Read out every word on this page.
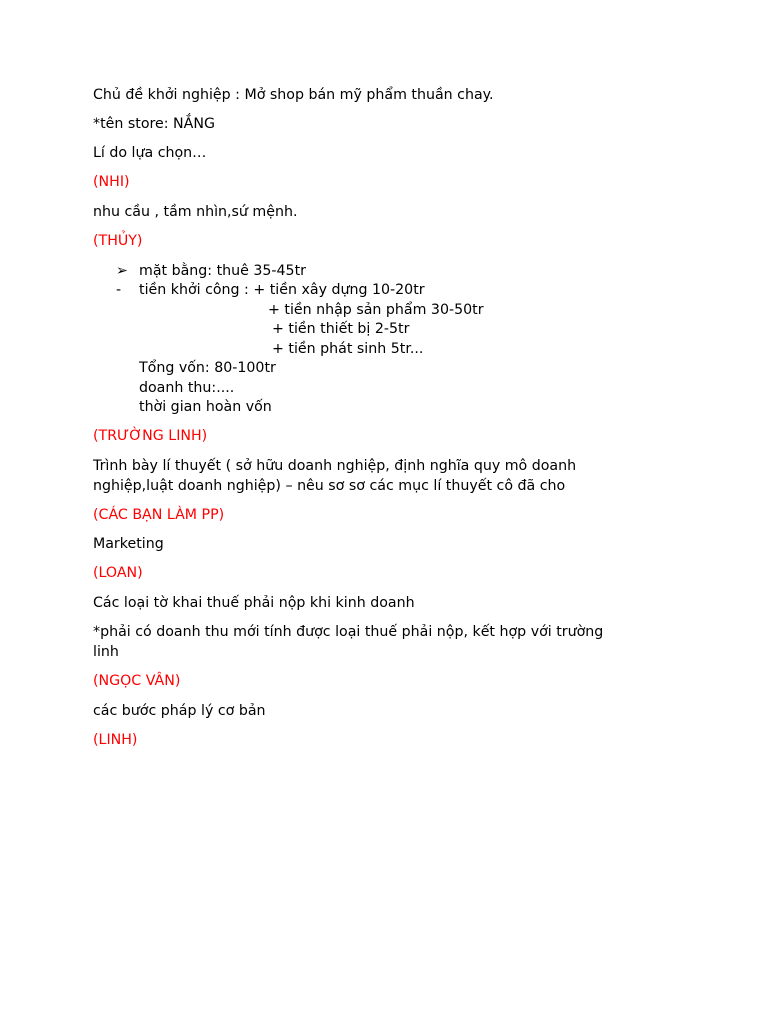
Chủ đề khởi nghiệp : Mở shop bán mỹ phẩm thuần chay.
*tên store: NẮNG
Lí do lựa chọn…
(NHI)
nhu cầu , tầm nhìn,sứ mệnh.
(THỦY)
➢ mặt bằng: thuê 35-45tr
- tiền khởi công : + tiền xây dựng 10-20tr
+ tiền nhập sản phẩm 30-50tr
+ tiền thiết bị 2-5tr
+ tiền phát sinh 5tr...
Tổng vốn: 80-100tr
doanh thu:....
thời gian hoàn vốn
(TRƯỜNG LINH)
Trình bày lí thuyết ( sở hữu doanh nghiệp, định nghĩa quy mô doanh
nghiệp,luật doanh nghiệp) – nêu sơ sơ các mục lí thuyết cô đã cho
(CÁC BẠN LÀM PP)
Marketing
(LOAN)
Các loại tờ khai thuế phải nộp khi kinh doanh
*phải có doanh thu mới tính được loại thuế phải nộp, kết hợp với trường
linh
(NGỌC VÂN)
các bước pháp lý cơ bản
(LINH)
